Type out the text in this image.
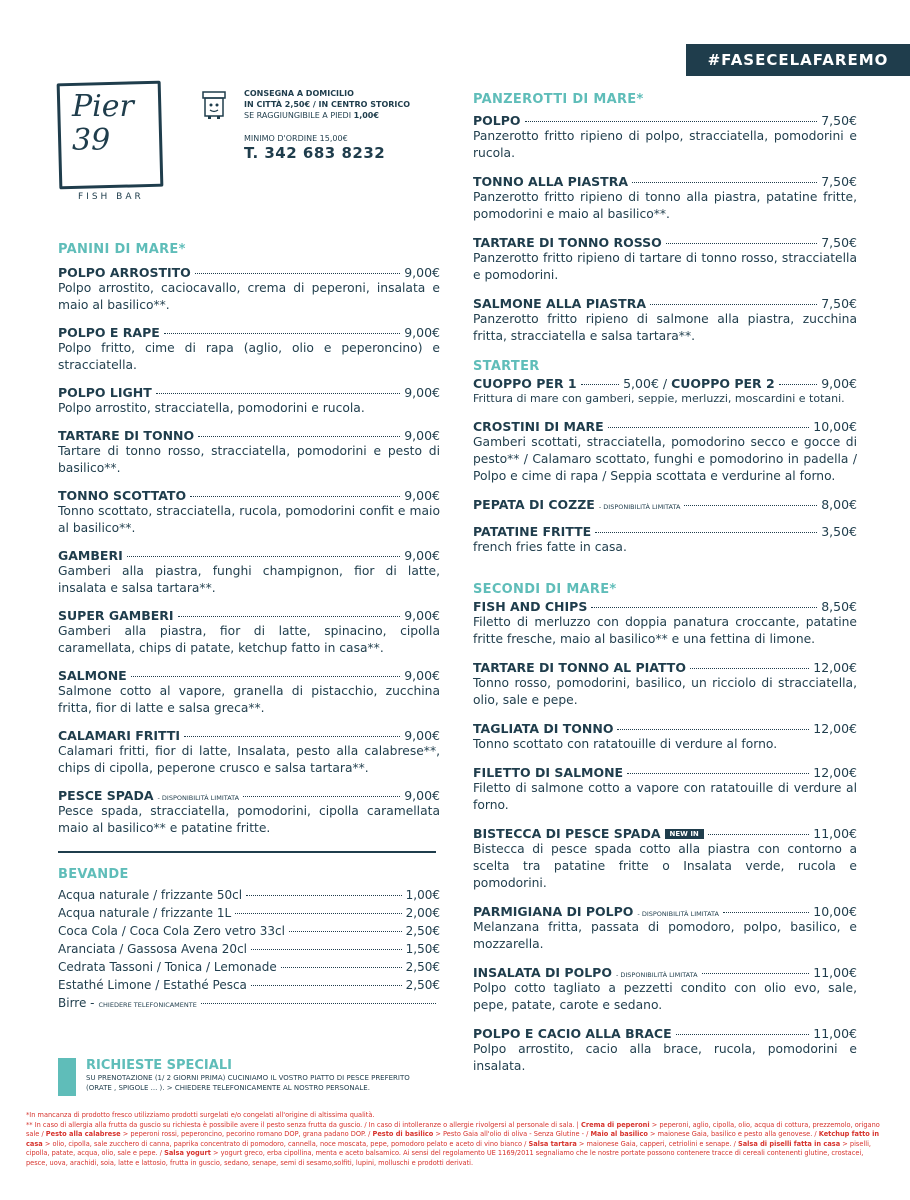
#FASECELAFAREMO
Pier 39
FISH BAR
CONSEGNA A DOMICILIO
IN CITTÀ 2,50€ / IN CENTRO STORICO
SE RAGGIUNGIBILE A PIEDI 1,00€
MINIMO D'ORDINE 15,00€
T. 342 683 8232
PANINI DI MARE*
POLPO ARROSTITO	9,00€
Polpo arrostito, caciocavallo, crema di peperoni, insalata e maio al basilico**.
POLPO E RAPE	9,00€
Polpo fritto, cime di rapa (aglio, olio e peperoncino) e stracciatella.
POLPO LIGHT	9,00€
Polpo arrostito, stracciatella, pomodorini e rucola.
TARTARE DI TONNO	9,00€
Tartare di tonno rosso, stracciatella, pomodorini e pesto di basilico**.
TONNO SCOTTATO	9,00€
Tonno scottato, stracciatella, rucola, pomodorini confit e maio al basilico**.
GAMBERI	9,00€
Gamberi alla piastra, funghi champignon, fior di latte, insalata e salsa tartara**.
SUPER GAMBERI	9,00€
Gamberi alla piastra, fior di latte, spinacino, cipolla caramellata, chips di patate, ketchup fatto in casa**.
SALMONE	9,00€
Salmone cotto al vapore, granella di pistacchio, zucchina fritta, fior di latte e salsa greca**.
CALAMARI FRITTI	9,00€
Calamari fritti, fior di latte, Insalata, pesto alla calabrese**, chips di cipolla, peperone crusco e salsa tartara**.
PESCE SPADA - DISPONIBILITÀ LIMITATA	9,00€
Pesce spada, stracciatella, pomodorini, cipolla caramellata maio al basilico** e patatine fritte.
BEVANDE
Acqua naturale / frizzante 50cl	1,00€
Acqua naturale / frizzante 1L	2,00€
Coca Cola / Coca Cola Zero vetro 33cl	2,50€
Aranciata / Gassosa Avena 20cl	1,50€
Cedrata Tassoni / Tonica / Lemonade	2,50€
Estathé Limone / Estathé Pesca	2,50€
Birre - CHIEDERE TELEFONICAMENTE
RICHIESTE SPECIALI
SU PRENOTAZIONE (1/ 2 GIORNI PRIMA) CUCINIAMO IL VOSTRO PIATTO DI PESCE PREFERITO
(ORATE , SPIGOLE ... ). > CHIEDERE TELEFONICAMENTE AL NOSTRO PERSONALE.
PANZEROTTI DI MARE*
POLPO	7,50€
Panzerotto fritto ripieno di polpo, stracciatella, pomodorini e rucola.
TONNO ALLA PIASTRA	7,50€
Panzerotto fritto ripieno di tonno alla piastra, patatine fritte, pomodorini e maio al basilico**.
TARTARE DI TONNO ROSSO	7,50€
Panzerotto fritto ripieno di tartare di tonno rosso, stracciatella e pomodorini.
SALMONE ALLA PIASTRA	7,50€
Panzerotto fritto ripieno di salmone alla piastra, zucchina fritta, stracciatella e salsa tartara**.
STARTER
CUOPPO PER 1	5,00€ / CUOPPO PER 2	9,00€
Frittura di mare con gamberi, seppie, merluzzi, moscardini e totani.
CROSTINI DI MARE	10,00€
Gamberi scottati, stracciatella, pomodorino secco e gocce di pesto** / Calamaro scottato, funghi e pomodorino in padella / Polpo e cime di rapa / Seppia scottata e verdurine al forno.
PEPATA DI COZZE - DISPONIBILITÀ LIMITATA	8,00€
PATATINE FRITTE	3,50€
french fries fatte in casa.
SECONDI DI MARE*
FISH AND CHIPS	8,50€
Filetto di merluzzo con doppia panatura croccante, patatine fritte fresche, maio al basilico** e una fettina di limone.
TARTARE DI TONNO AL PIATTO	12,00€
Tonno rosso, pomodorini, basilico, un ricciolo di stracciatella, olio, sale e pepe.
TAGLIATA DI TONNO	12,00€
Tonno scottato con ratatouille di verdure al forno.
FILETTO DI SALMONE	12,00€
Filetto di salmone cotto a vapore con ratatouille di verdure al forno.
BISTECCA DI PESCE SPADA	NEW IN	11,00€
Bistecca di pesce spada cotto alla piastra con contorno a scelta tra patatine fritte o Insalata verde, rucola e pomodorini.
PARMIGIANA DI POLPO - DISPONIBILITÀ LIMITATA	10,00€
Melanzana fritta, passata di pomodoro, polpo, basilico, e mozzarella.
INSALATA DI POLPO - DISPONIBILITÀ LIMITATA	11,00€
Polpo cotto tagliato a pezzetti condito con olio evo, sale, pepe, patate, carote e sedano.
POLPO E CACIO ALLA BRACE	11,00€
Polpo arrostito, cacio alla brace, rucola, pomodorini e insalata.
*In mancanza di prodotto fresco utilizziamo prodotti surgelati e/o congelati all'origine di altissima qualità.
** In caso di allergia alla frutta da guscio su richiesta è possibile avere il pesto senza frutta da guscio. / In caso di intolleranze o allergie rivolgersi al personale di sala. | Crema di peperoni > peperoni, aglio, cipolla, olio, acqua di cottura, prezzemolo, origano sale / Pesto alla calabrese > peperoni rossi, peperoncino, pecorino romano DOP, grana padano DOP. / Pesto di basilico > Pesto Gaia all'olio di oliva - Senza Glutine - / Maio al basilico > maionese Gaia, basilico e pesto alla genovese. / Ketchup fatto in casa > olio, cipolla, sale zucchero di canna, paprika concentrato di pomodoro, cannella, noce moscata, pepe, pomodoro pelato e aceto di vino bianco / Salsa tartara > maionese Gaia, capperi, cetriolini e senape. / Salsa di piselli fatta in casa > piselli, cipolla, patate, acqua, olio, sale e pepe. / Salsa yogurt > yogurt greco, erba cipollina, menta e aceto balsamico. Ai sensi del regolamento UE 1169/2011 segnaliamo che le nostre portate possono contenere tracce di cereali contenenti glutine, crostacei, pesce, uova, arachidi, soia, latte e lattosio, frutta in guscio, sedano, senape, semi di sesamo,solfiti, lupini, molluschi e prodotti derivati.
